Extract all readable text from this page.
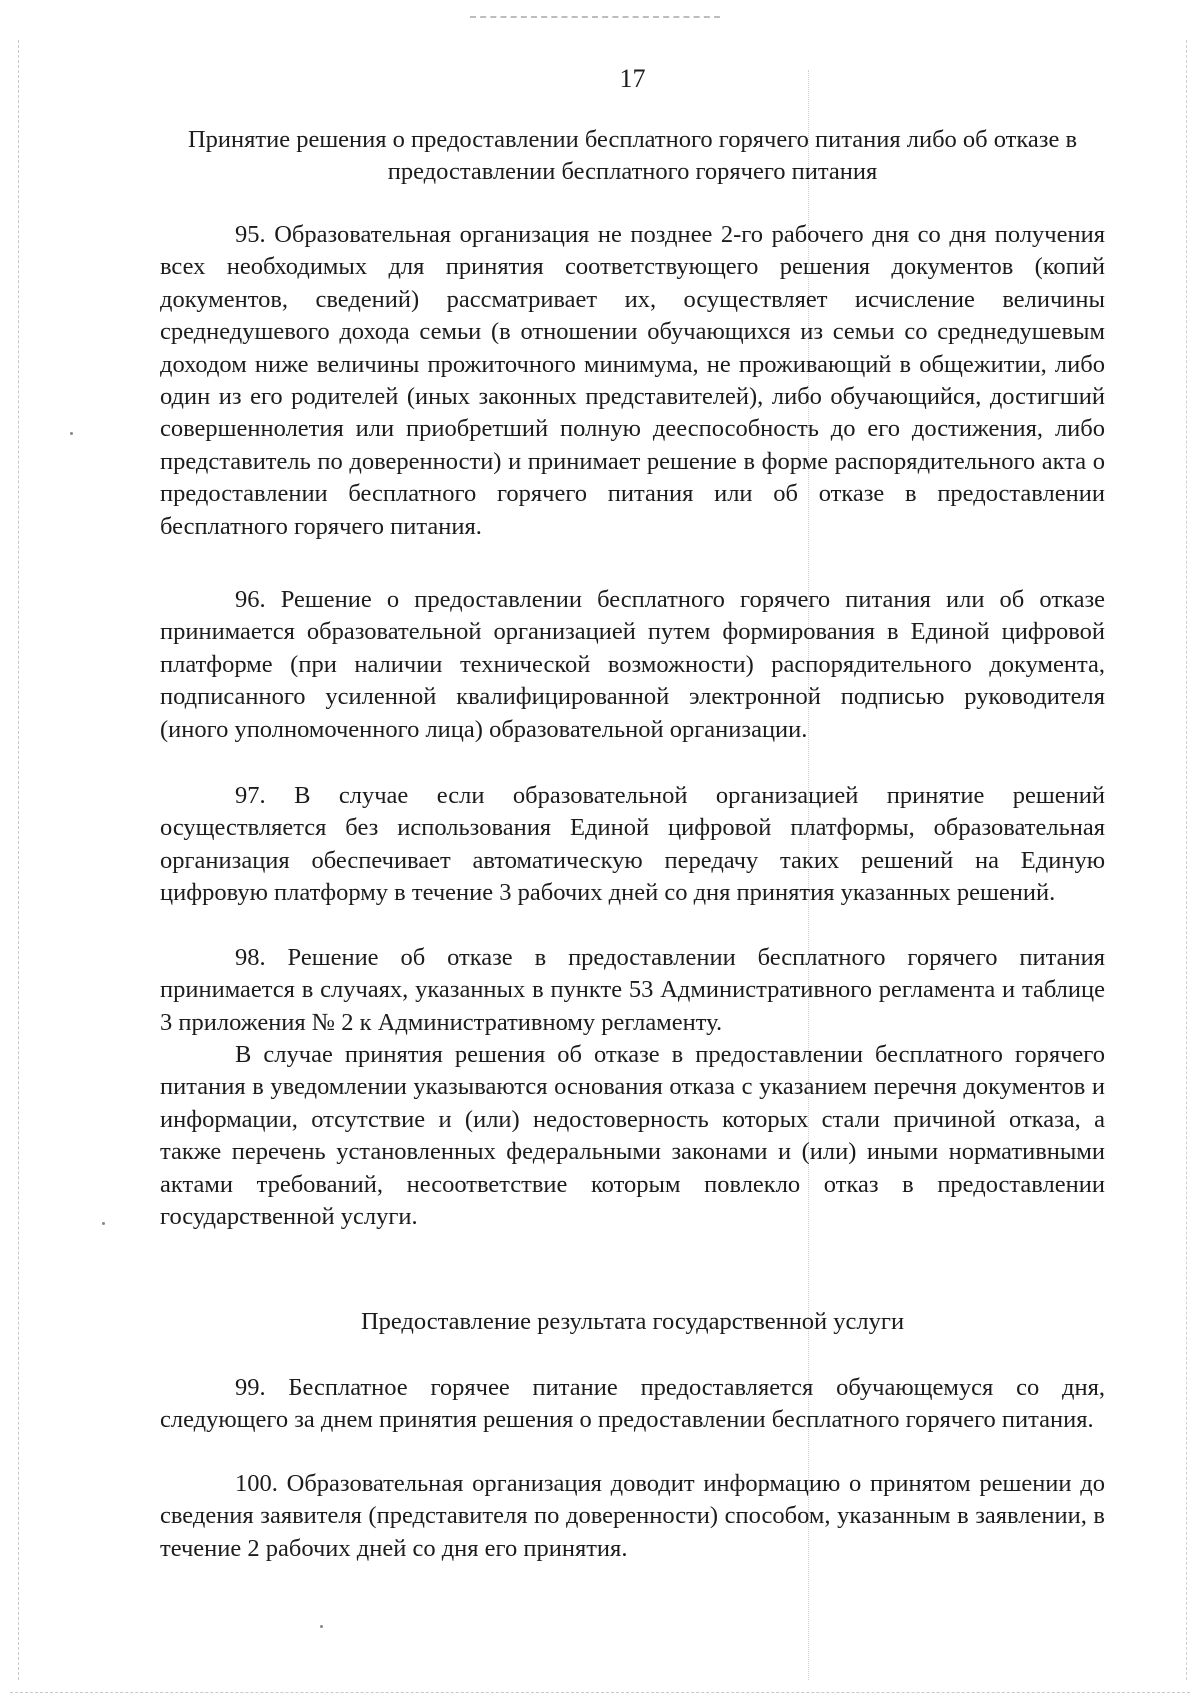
17
Принятие решения о предоставлении бесплатного горячего питания либо об отказе в предоставлении бесплатного горячего питания

95. Образовательная организация не позднее 2-го рабочего дня со дня получения всех необходимых для принятия соответствующего решения документов (копий документов, сведений) рассматривает их, осуществляет исчисление величины среднедушевого дохода семьи (в отношении обучающихся из семьи со среднедушевым доходом ниже величины прожиточного минимума, не проживающий в общежитии, либо один из его родителей (иных законных представителей), либо обучающийся, достигший совершеннолетия или приобретший полную дееспособность до его достижения, либо представитель по доверенности) и принимает решение в форме распорядительного акта о предоставлении бесплатного горячего питания или об отказе в предоставлении бесплатного горячего питания.

96. Решение о предоставлении бесплатного горячего питания или об отказе принимается образовательной организацией путем формирования в Единой цифровой платформе (при наличии технической возможности) распорядительного документа, подписанного усиленной квалифицированной электронной подписью руководителя (иного уполномоченного лица) образовательной организации.

97. В случае если образовательной организацией принятие решений осуществляется без использования Единой цифровой платформы, образовательная организация обеспечивает автоматическую передачу таких решений на Единую цифровую платформу в течение 3 рабочих дней со дня принятия указанных решений.

98. Решение об отказе в предоставлении бесплатного горячего питания принимается в случаях, указанных в пункте 53 Административного регламента и таблице 3 приложения № 2 к Административному регламенту.

В случае принятия решения об отказе в предоставлении бесплатного горячего питания в уведомлении указываются основания отказа с указанием перечня документов и информации, отсутствие и (или) недостоверность которых стали причиной отказа, а также перечень установленных федеральными законами и (или) иными нормативными актами требований, несоответствие которым повлекло отказ в предоставлении государственной услуги.

Предоставление результата государственной услуги

99. Бесплатное горячее питание предоставляется обучающемуся со дня, следующего за днем принятия решения о предоставлении бесплатного горячего питания.

100. Образовательная организация доводит информацию о принятом решении до сведения заявителя (представителя по доверенности) способом, указанным в заявлении, в течение 2 рабочих дней со дня его принятия.
